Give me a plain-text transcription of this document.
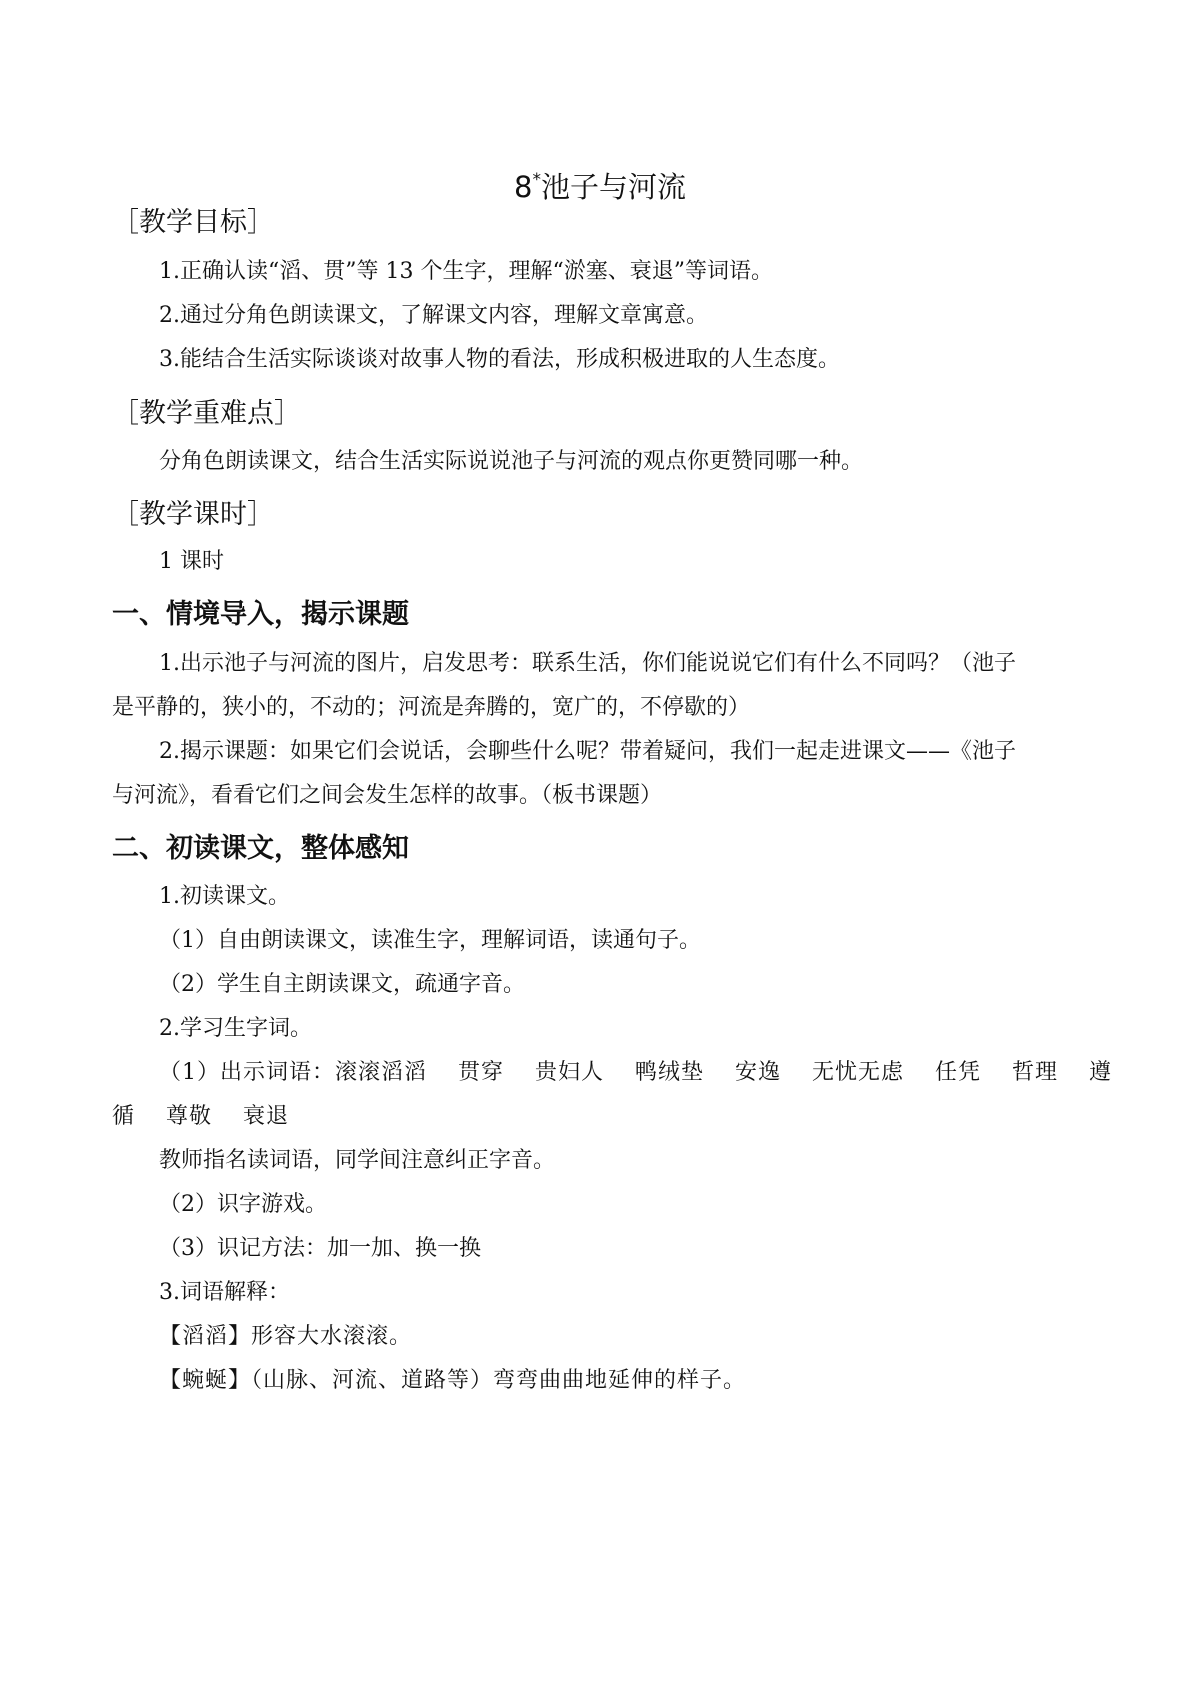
8*池子与河流
［教学目标］
1.正确认读“滔、贯”等 13 个生字，理解“淤塞、衰退”等词语。
2.通过分角色朗读课文，了解课文内容，理解文章寓意。
3.能结合生活实际谈谈对故事人物的看法，形成积极进取的人生态度。
［教学重难点］
分角色朗读课文，结合生活实际说说池子与河流的观点你更赞同哪一种。
［教学课时］
1 课时
一、情境导入，揭示课题
1.出示池子与河流的图片，启发思考：联系生活，你们能说说它们有什么不同吗？（池子
是平静的，狭小的，不动的；河流是奔腾的，宽广的，不停歇的）
2.揭示课题：如果它们会说话，会聊些什么呢？带着疑问，我们一起走进课文——《池子
与河流》，看看它们之间会发生怎样的故事。（板书课题）
二、初读课文，整体感知
1.初读课文。
（1）自由朗读课文，读准生字，理解词语，读通句子。
（2）学生自主朗读课文，疏通字音。
2.学习生字词。
（1）出示词语：滚滚滔滔　 贯穿　 贵妇人　 鸭绒垫　 安逸　 无忧无虑　 任凭　 哲理　 遵
循　 尊敬　 衰退
教师指名读词语，同学间注意纠正字音。
（2）识字游戏。
（3）识记方法：加一加、换一换
3.词语解释：
【滔滔】形容大水滚滚。
【蜿蜒】（山脉、河流、道路等）弯弯曲曲地延伸的样子。
